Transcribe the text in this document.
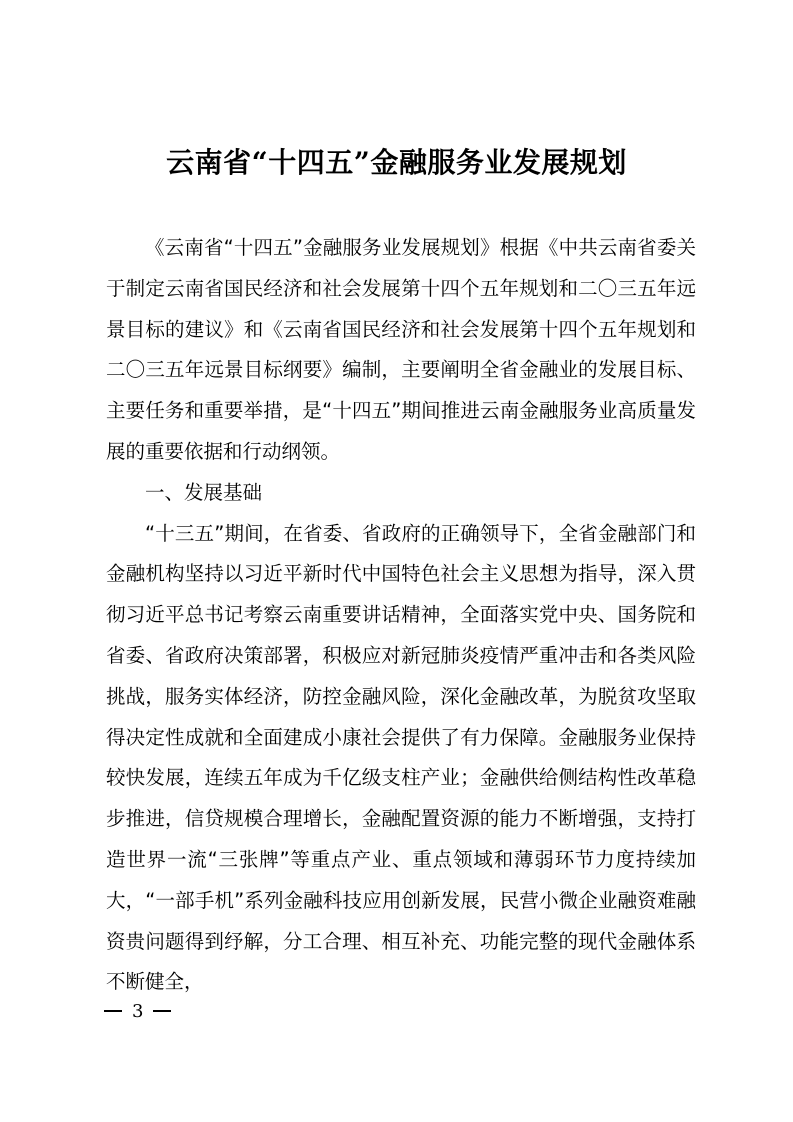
云南省“十四五”金融服务业发展规划

《云南省“十四五”金融服务业发展规划》根据《中共云南省委关于制定云南省国民经济和社会发展第十四个五年规划和二〇三五年远景目标的建议》和《云南省国民经济和社会发展第十四个五年规划和二〇三五年远景目标纲要》编制，主要阐明全省金融业的发展目标、主要任务和重要举措，是“十四五”期间推进云南金融服务业高质量发展的重要依据和行动纲领。

一、发展基础

“十三五”期间，在省委、省政府的正确领导下，全省金融部门和金融机构坚持以习近平新时代中国特色社会主义思想为指导，深入贯彻习近平总书记考察云南重要讲话精神，全面落实党中央、国务院和省委、省政府决策部署，积极应对新冠肺炎疫情严重冲击和各类风险挑战，服务实体经济，防控金融风险，深化金融改革，为脱贫攻坚取得决定性成就和全面建成小康社会提供了有力保障。金融服务业保持较快发展，连续五年成为千亿级支柱产业；金融供给侧结构性改革稳步推进，信贷规模合理增长，金融配置资源的能力不断增强，支持打造世界一流“三张牌”等重点产业、重点领域和薄弱环节力度持续加大，“一部手机”系列金融科技应用创新发展，民营小微企业融资难融资贵问题得到纾解，分工合理、相互补充、功能完整的现代金融体系不断健全，

3
